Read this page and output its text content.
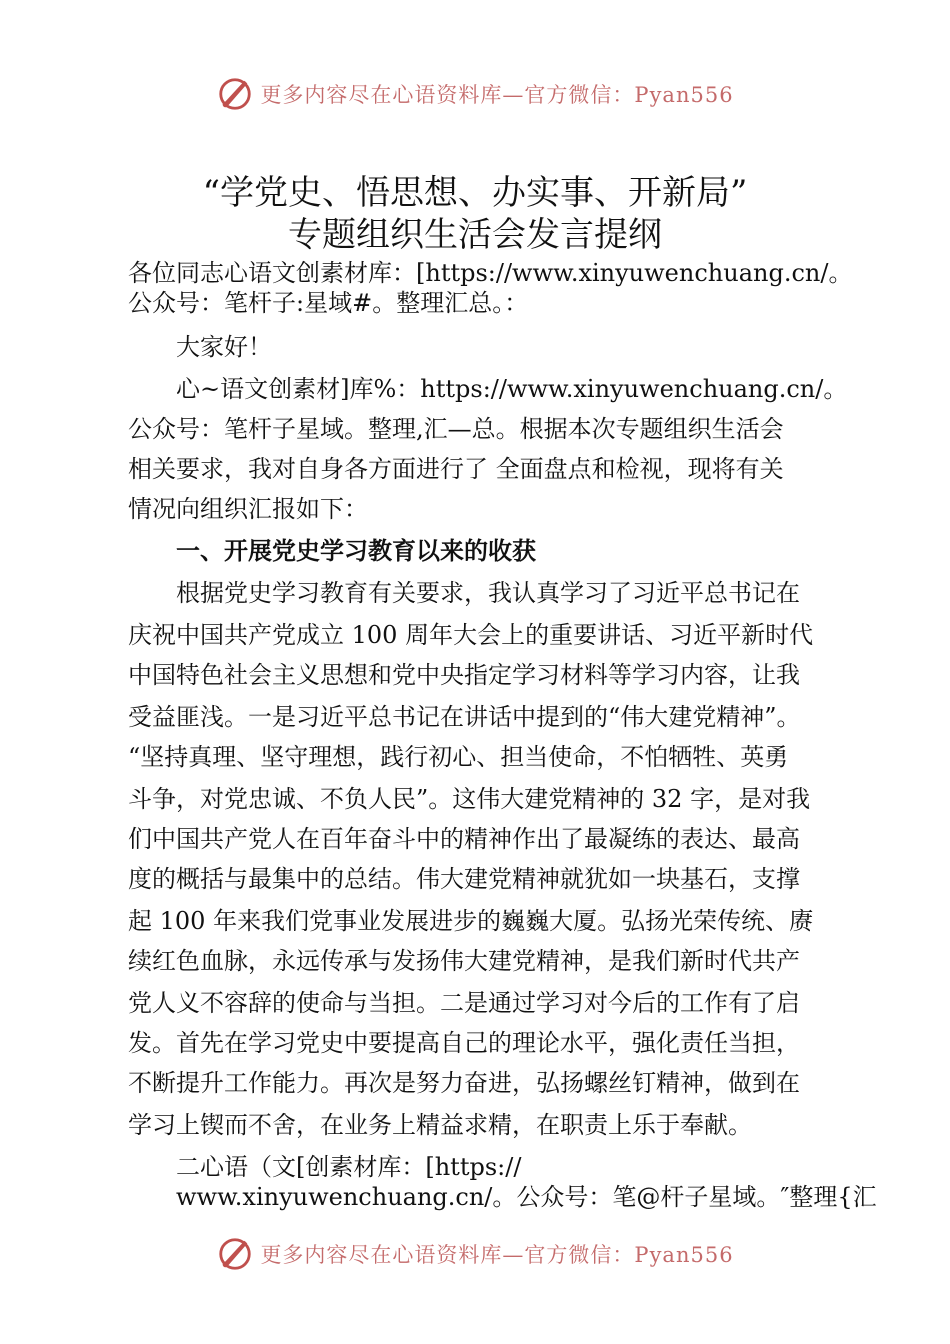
更多内容尽在心语资料库—官方微信：Pyan556
“学党史、悟思想、办实事、开新局”
专题组织生活会发言提纲
各位同志心语文创素材库：[https://www.xinyuwenchuang.cn/。
公众号：笔杆子:星域#。整理汇总。：
大家好！
心~语文创素材]库%：https://www.xinyuwenchuang.cn/。
公众号：笔杆子星域。整理,汇—总。根据本次专题组织生活会
相关要求，我对自身各方面进行了 全面盘点和检视，现将有关
情况向组织汇报如下：
一、开展党史学习教育以来的收获
根据党史学习教育有关要求，我认真学习了习近平总书记在
庆祝中国共产党成立 100 周年大会上的重要讲话、习近平新时代
中国特色社会主义思想和党中央指定学习材料等学习内容，让我
受益匪浅。一是习近平总书记在讲话中提到的“伟大建党精神”。
“坚持真理、坚守理想，践行初心、担当使命，不怕牺牲、英勇
斗争，对党忠诚、不负人民”。这伟大建党精神的 32 字，是对我
们中国共产党人在百年奋斗中的精神作出了最凝练的表达、最高
度的概括与最集中的总结。伟大建党精神就犹如一块基石，支撑
起 100 年来我们党事业发展进步的巍巍大厦。弘扬光荣传统、赓
续红色血脉，永远传承与发扬伟大建党精神，是我们新时代共产
党人义不容辞的使命与当担。二是通过学习对今后的工作有了启
发。首先在学习党史中要提高自己的理论水平，强化责任当担，
不断提升工作能力。再次是努力奋进，弘扬螺丝钉精神，做到在
学习上锲而不舍，在业务上精益求精，在职责上乐于奉献。
二心语（文[创素材库：[https://
www.xinyuwenchuang.cn/。公众号：笔@杆子星域。″整理{汇
更多内容尽在心语资料库—官方微信：Pyan556
